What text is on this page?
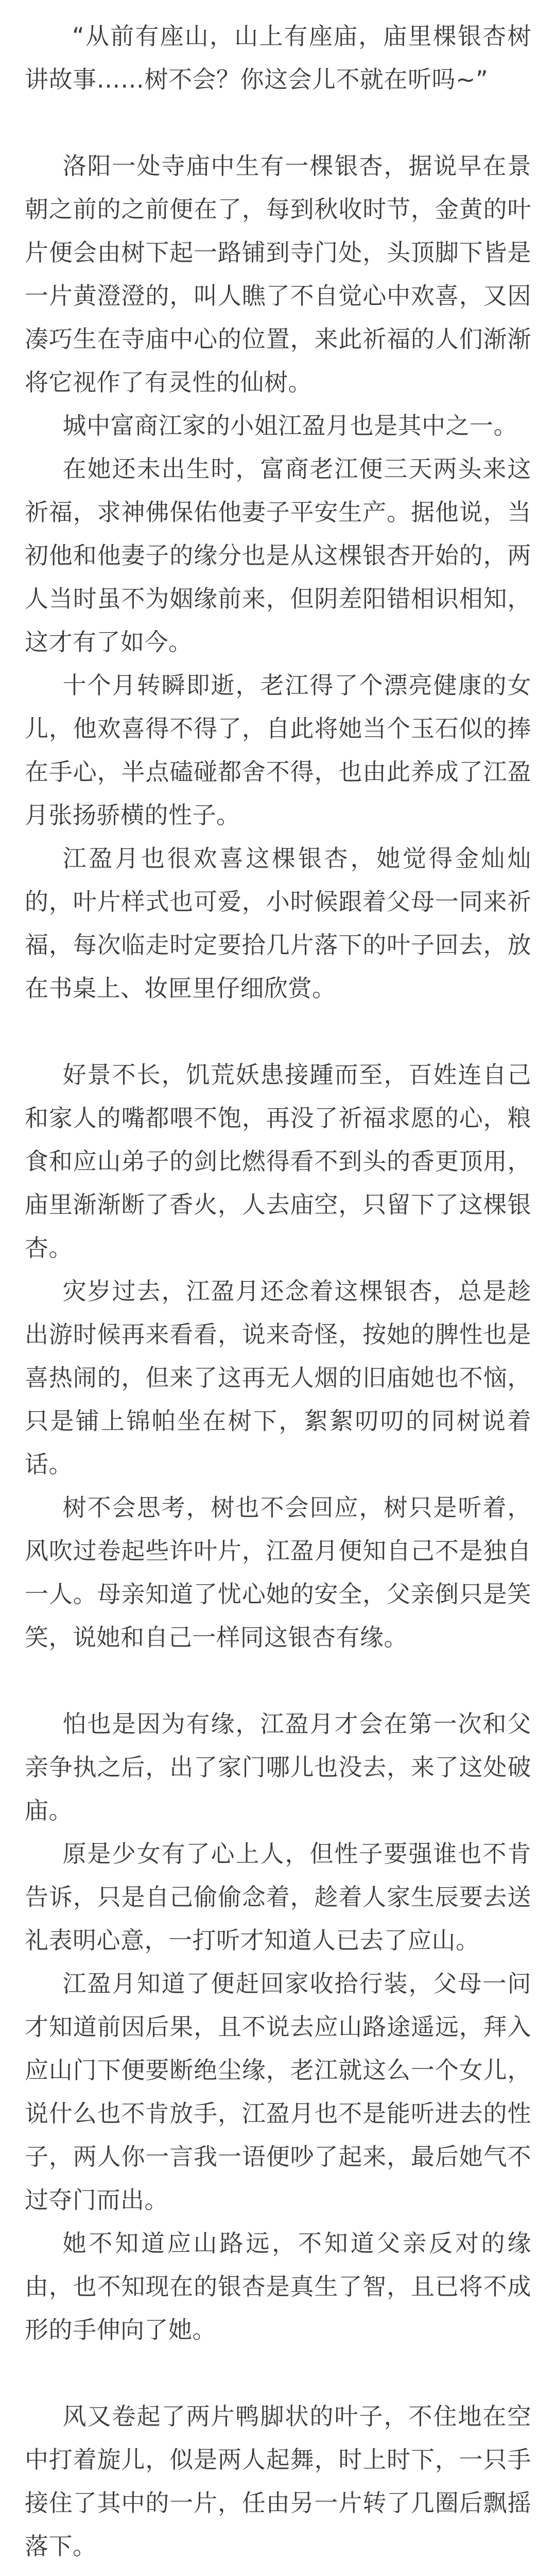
“从前有座山，山上有座庙，庙里棵银杏树讲故事……树不会？你这会儿不就在听吗~”

洛阳一处寺庙中生有一棵银杏，据说早在景朝之前的之前便在了，每到秋收时节，金黄的叶片便会由树下起一路铺到寺门处，头顶脚下皆是一片黄澄澄的，叫人瞧了不自觉心中欢喜，又因凑巧生在寺庙中心的位置，来此祈福的人们渐渐将它视作了有灵性的仙树。

城中富商江家的小姐江盈月也是其中之一。

在她还未出生时，富商老江便三天两头来这祈福，求神佛保佑他妻子平安生产。据他说，当初他和他妻子的缘分也是从这棵银杏开始的，两人当时虽不为姻缘前来，但阴差阳错相识相知，这才有了如今。

十个月转瞬即逝，老江得了个漂亮健康的女儿，他欢喜得不得了，自此将她当个玉石似的捧在手心，半点磕碰都舍不得，也由此养成了江盈月张扬骄横的性子。

江盈月也很欢喜这棵银杏，她觉得金灿灿的，叶片样式也可爱，小时候跟着父母一同来祈福，每次临走时定要拾几片落下的叶子回去，放在书桌上、妆匣里仔细欣赏。

好景不长，饥荒妖患接踵而至，百姓连自己和家人的嘴都喂不饱，再没了祈福求愿的心，粮食和应山弟子的剑比燃得看不到头的香更顶用，庙里渐渐断了香火，人去庙空，只留下了这棵银杏。

灾岁过去，江盈月还念着这棵银杏，总是趁出游时候再来看看，说来奇怪，按她的脾性也是喜热闹的，但来了这再无人烟的旧庙她也不恼，只是铺上锦帕坐在树下，絮絮叨叨的同树说着话。

树不会思考，树也不会回应，树只是听着，风吹过卷起些许叶片，江盈月便知自己不是独自一人。母亲知道了忧心她的安全，父亲倒只是笑笑，说她和自己一样同这银杏有缘。

怕也是因为有缘，江盈月才会在第一次和父亲争执之后，出了家门哪儿也没去，来了这处破庙。

原是少女有了心上人，但性子要强谁也不肯告诉，只是自己偷偷念着，趁着人家生辰要去送礼表明心意，一打听才知道人已去了应山。

江盈月知道了便赶回家收拾行装，父母一问才知道前因后果，且不说去应山路途遥远，拜入应山门下便要断绝尘缘，老江就这么一个女儿，说什么也不肯放手，江盈月也不是能听进去的性子，两人你一言我一语便吵了起来，最后她气不过夺门而出。

她不知道应山路远，不知道父亲反对的缘由，也不知现在的银杏是真生了智，且已将不成形的手伸向了她。

风又卷起了两片鸭脚状的叶子，不住地在空中打着旋儿，似是两人起舞，时上时下，一只手接住了其中的一片，任由另一片转了几圈后飘摇落下。
